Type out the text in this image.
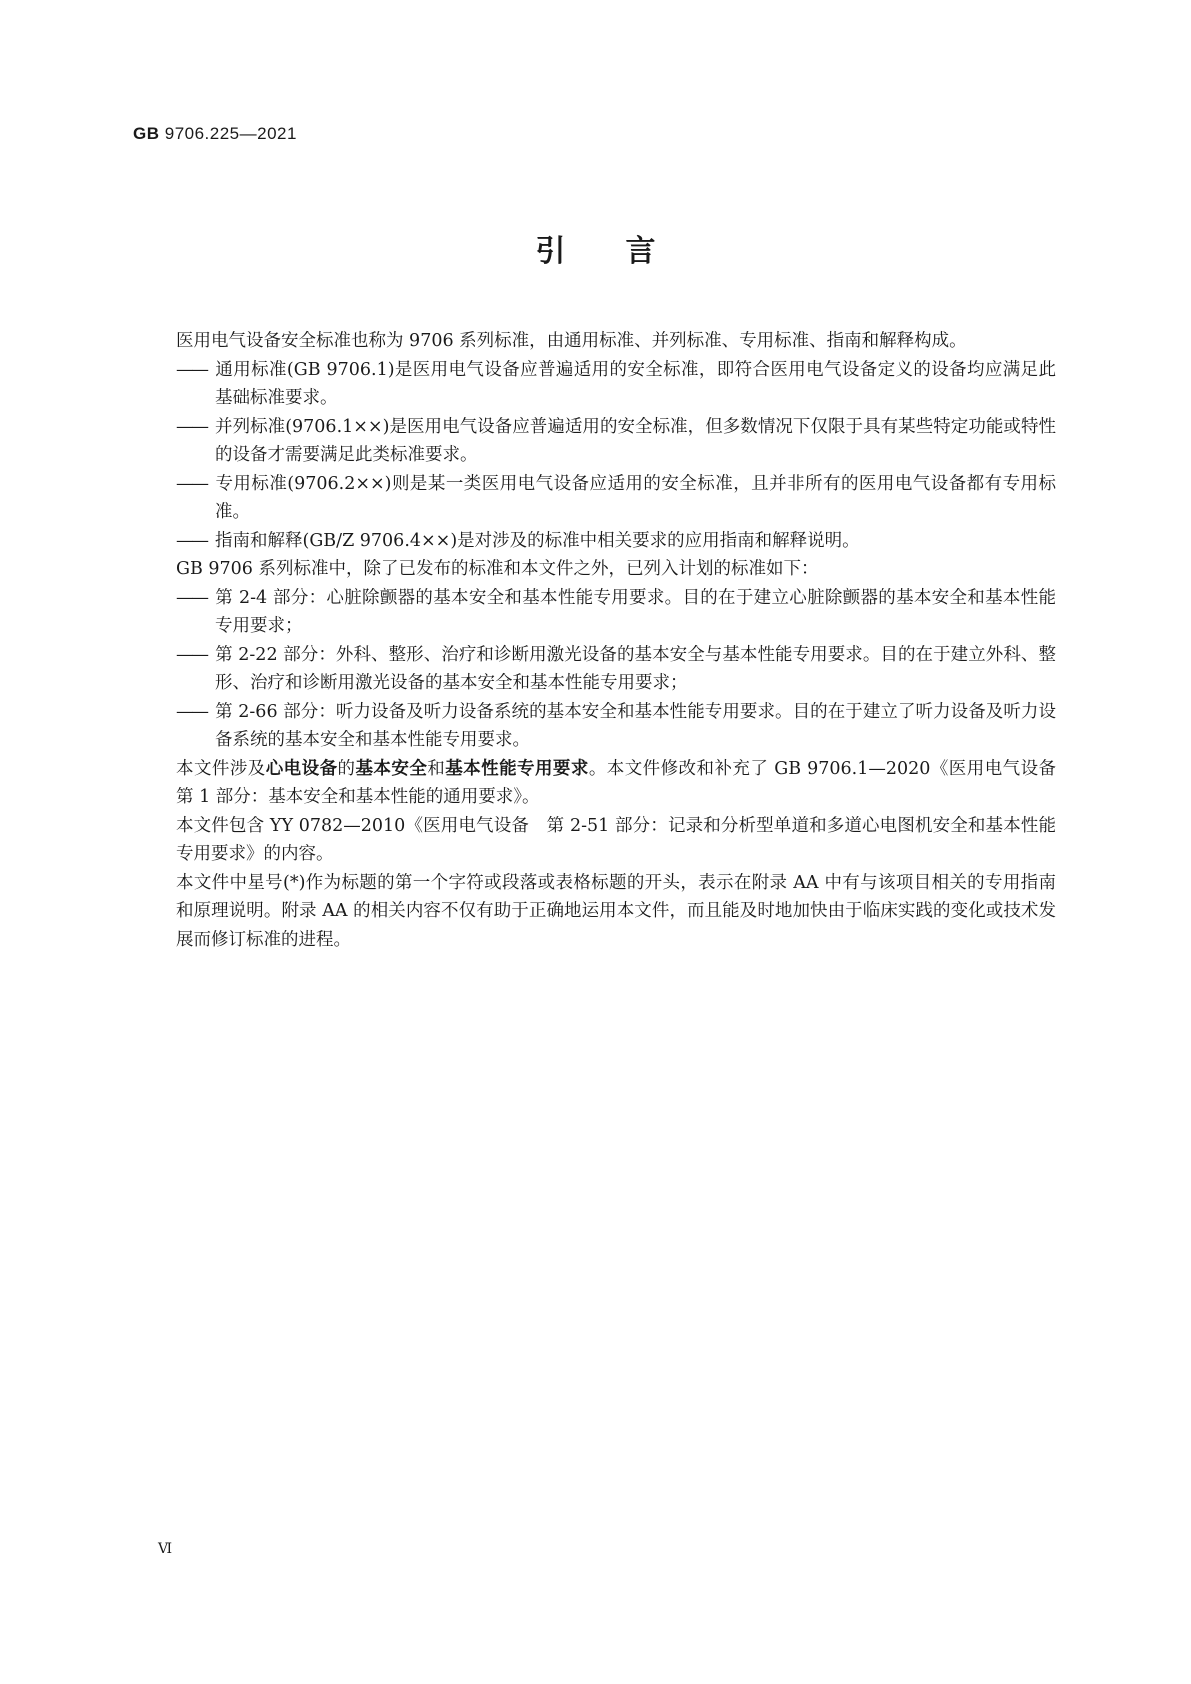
GB 9706.225—2021
引言

医用电气设备安全标准也称为 9706 系列标准，由通用标准、并列标准、专用标准、指南和解释构成。

—— 通用标准(GB 9706.1)是医用电气设备应普遍适用的安全标准，即符合医用电气设备定义的设备均应满足此基础标准要求。

—— 并列标准(9706.1××)是医用电气设备应普遍适用的安全标准，但多数情况下仅限于具有某些特定功能或特性的设备才需要满足此类标准要求。

—— 专用标准(9706.2××)则是某一类医用电气设备应适用的安全标准，且并非所有的医用电气设备都有专用标准。

—— 指南和解释(GB/Z 9706.4××)是对涉及的标准中相关要求的应用指南和解释说明。

GB 9706 系列标准中，除了已发布的标准和本文件之外，已列入计划的标准如下：

—— 第 2-4 部分：心脏除颤器的基本安全和基本性能专用要求。目的在于建立心脏除颤器的基本安全和基本性能专用要求；

—— 第 2-22 部分：外科、整形、治疗和诊断用激光设备的基本安全与基本性能专用要求。目的在于建立外科、整形、治疗和诊断用激光设备的基本安全和基本性能专用要求；

—— 第 2-66 部分：听力设备及听力设备系统的基本安全和基本性能专用要求。目的在于建立了听力设备及听力设备系统的基本安全和基本性能专用要求。

本文件涉及心电设备的基本安全和基本性能专用要求。本文件修改和补充了 GB 9706.1—2020《医用电气设备　第 1 部分：基本安全和基本性能的通用要求》。

本文件包含 YY 0782—2010《医用电气设备　第 2-51 部分：记录和分析型单道和多道心电图机安全和基本性能专用要求》的内容。

本文件中星号(*)作为标题的第一个字符或段落或表格标题的开头，表示在附录 AA 中有与该项目相关的专用指南和原理说明。附录 AA 的相关内容不仅有助于正确地运用本文件，而且能及时地加快由于临床实践的变化或技术发展而修订标准的进程。

Ⅵ
